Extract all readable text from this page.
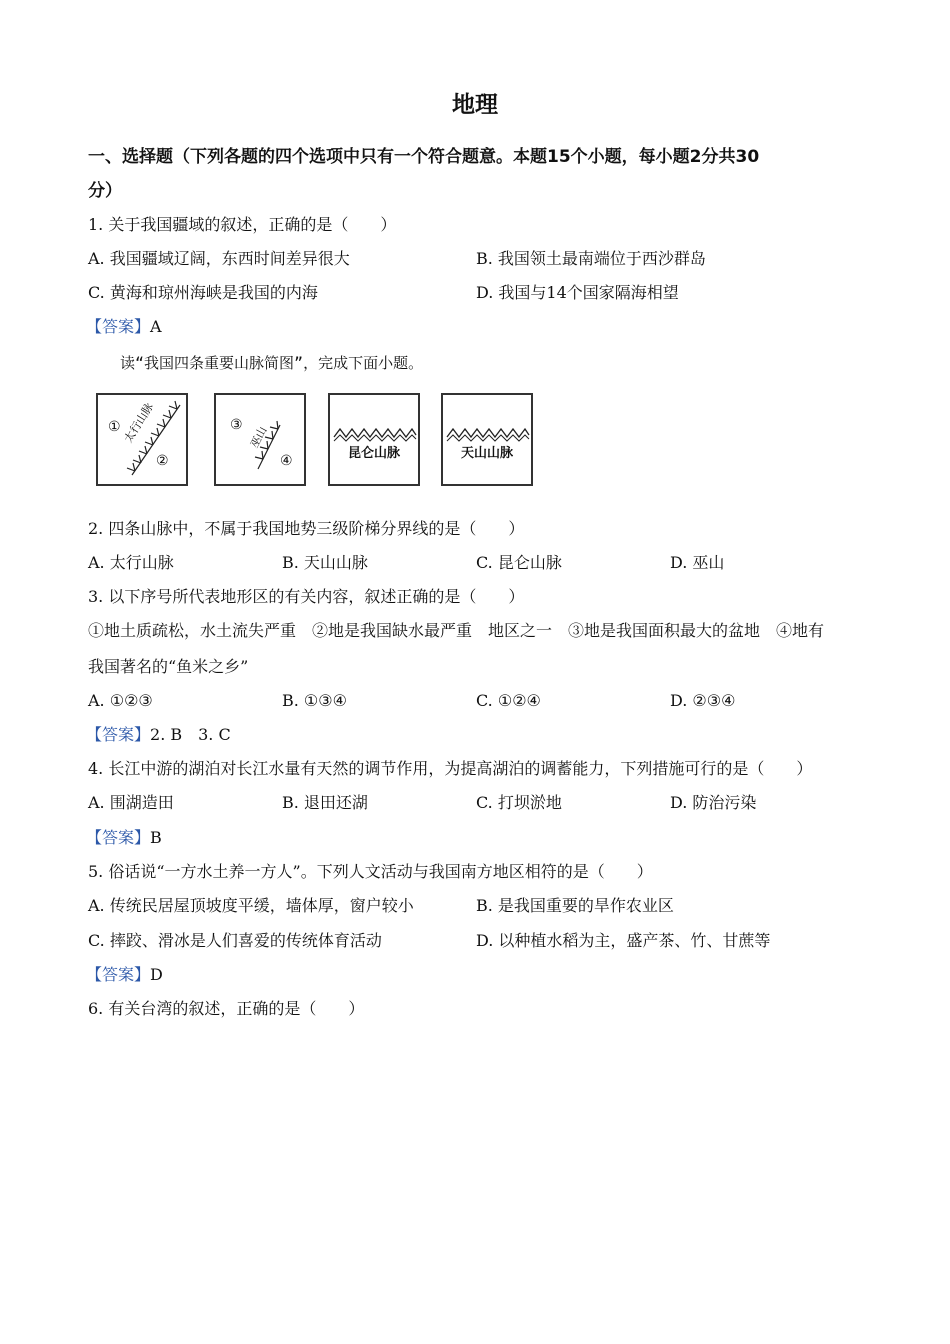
地理
一、选择题（下列各题的四个选项中只有一个符合题意。本题15个小题，每小题2分共30
分）
1. 关于我国疆域的叙述，正确的是（　　）
A. 我国疆域辽阔，东西时间差异很大	B. 我国领土最南端位于西沙群岛
C. 黄海和琼州海峡是我国的内海	D. 我国与14个国家隔海相望
【答案】A
读“我国四条重要山脉简图”，完成下面小题。
①
②
太行山脉	③
④
巫山
昆仑山脉	天山山脉
2. 四条山脉中，不属于我国地势三级阶梯分界线的是（　　）
A. 太行山脉	B. 天山山脉	C. 昆仑山脉	D. 巫山
3. 以下序号所代表地形区的有关内容，叙述正确的是（　　）
①地土质疏松，水土流失严重　②地是我国缺水最严重　地区之一　③地是我国面积最大的盆地　④地有
我国著名的“鱼米之乡”
A. ①②③	B. ①③④	C. ①②④	D. ②③④
【答案】2. B　3. C
4. 长江中游的湖泊对长江水量有天然的调节作用，为提高湖泊的调蓄能力，下列措施可行的是（　　）
A. 围湖造田	B. 退田还湖	C. 打坝淤地	D. 防治污染
【答案】B
5. 俗话说“一方水土养一方人”。下列人文活动与我国南方地区相符的是（　　）
A. 传统民居屋顶坡度平缓，墙体厚，窗户较小	B. 是我国重要的旱作农业区
C. 摔跤、滑冰是人们喜爱的传统体育活动	D. 以种植水稻为主，盛产茶、竹、甘蔗等
【答案】D
6. 有关台湾的叙述，正确的是（　　）
